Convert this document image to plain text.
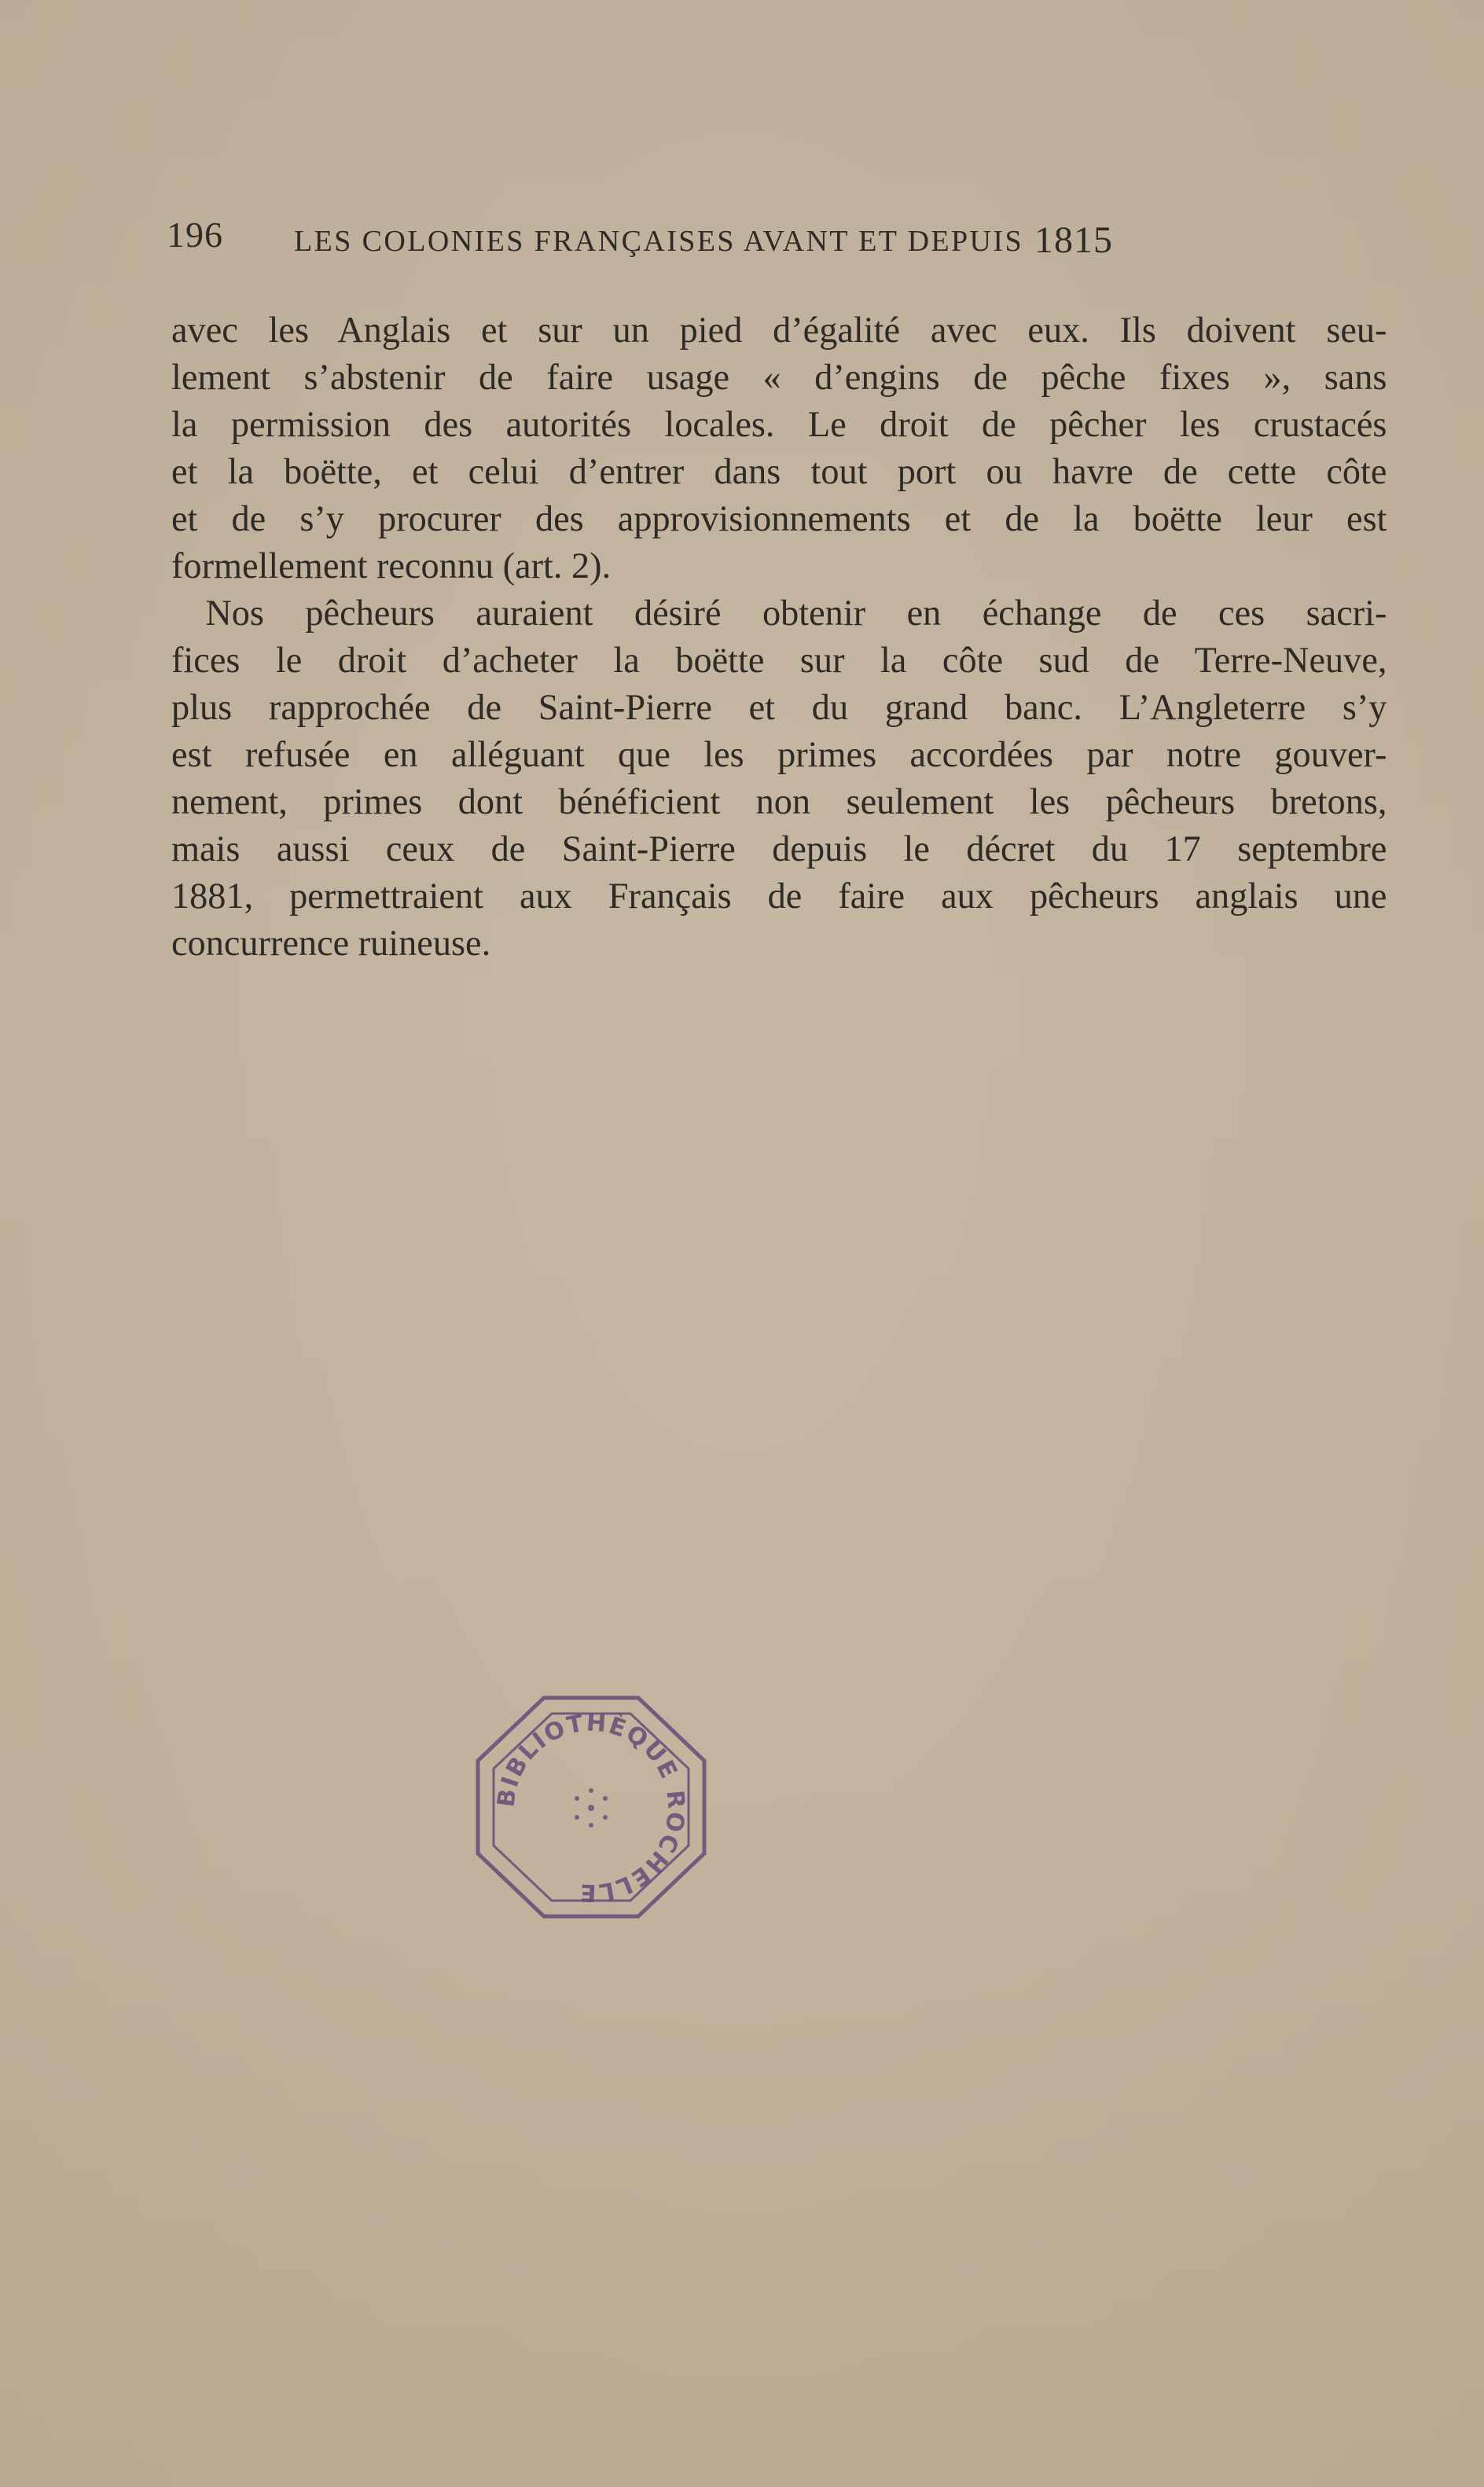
196 LES COLONIES FRANÇAISES AVANT ET DEPUIS 1815
avec les Anglais et sur un pied d’égalité avec eux. Ils doivent seu-
lement s’abstenir de faire usage « d’engins de pêche fixes », sans
la permission des autorités locales. Le droit de pêcher les crustacés
et la boëtte, et celui d’entrer dans tout port ou havre de cette côte
et de s’y procurer des approvisionnements et de la boëtte leur est
formellement reconnu (art. 2).
Nos pêcheurs auraient désiré obtenir en échange de ces sacri-
fices le droit d’acheter la boëtte sur la côte sud de Terre-Neuve,
plus rapprochée de Saint-Pierre et du grand banc. L’Angleterre s’y
est refusée en alléguant que les primes accordées par notre gouver-
nement, primes dont bénéficient non seulement les pêcheurs bretons,
mais aussi ceux de Saint-Pierre depuis le décret du 17 septembre
1881, permettraient aux Français de faire aux pêcheurs anglais une
concurrence ruineuse.
BIBLIOTHÈQUE ROCHELLE
